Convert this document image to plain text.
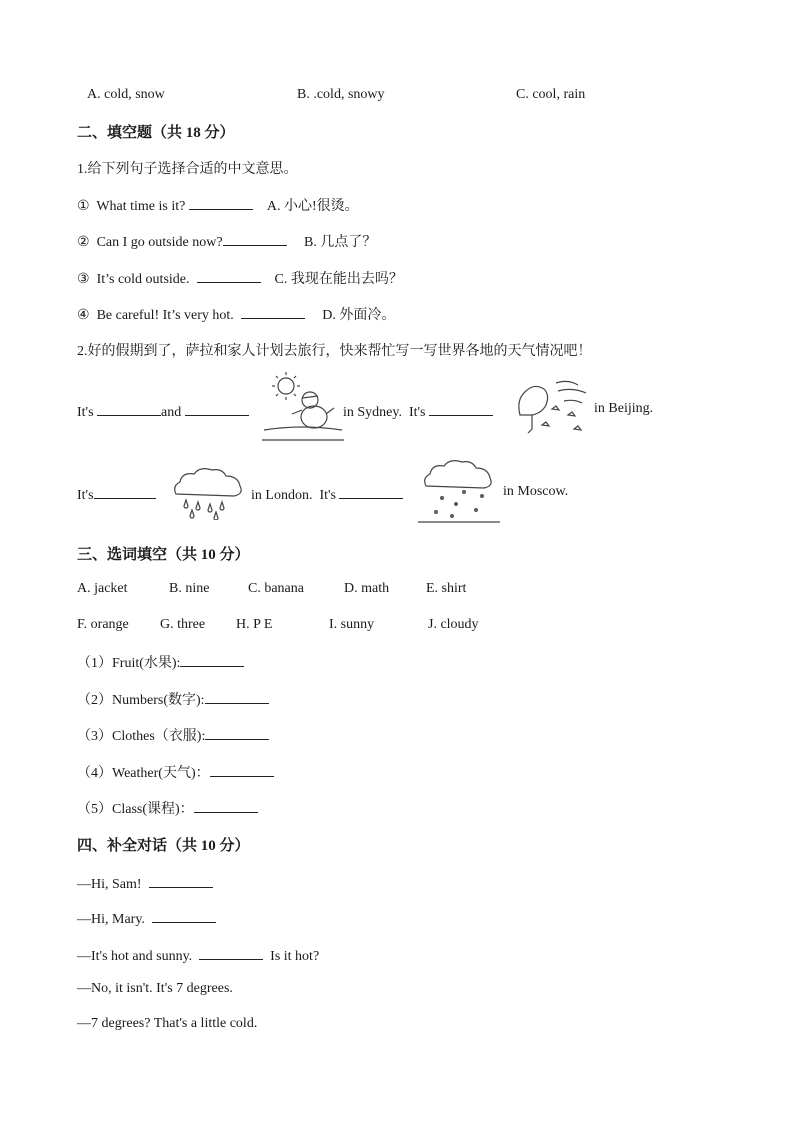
A. cold, snow	B. .cold, snowy	C. cool, rain
二、填空题（共 18 分）
1.给下列句子选择合适的中文意思。
① What time is it?	A. 小心!很烫。
② Can I go outside now?	B. 几点了？
③ It’s cold outside.	C. 我现在能出去吗？
④ Be careful! It’s very hot.	D. 外面冷。
2.好的假期到了，萨拉和家人计划去旅行，快来帮忙写一写世界各地的天气情况吧！
It's	and	in Sydney. It's	in Beijing.
It's	in London. It's	in Moscow.
三、选词填空（共 10 分）
A. jacket	B. nine	C. banana	D. math	E. shirt
F. orange G. three H. P E	I. sunny	J. cloudy
（1）Fruit(水果):
（2）Numbers(数字):
（3）Clothes（衣服):
（4）Weather(天气)：
（5）Class(课程)：
四、补全对话（共 10 分）
—Hi, Sam!
—Hi, Mary.
—It's hot and sunny.	Is it hot?
—No, it isn't. It's 7 degrees.
—7 degrees? That's a little cold.
